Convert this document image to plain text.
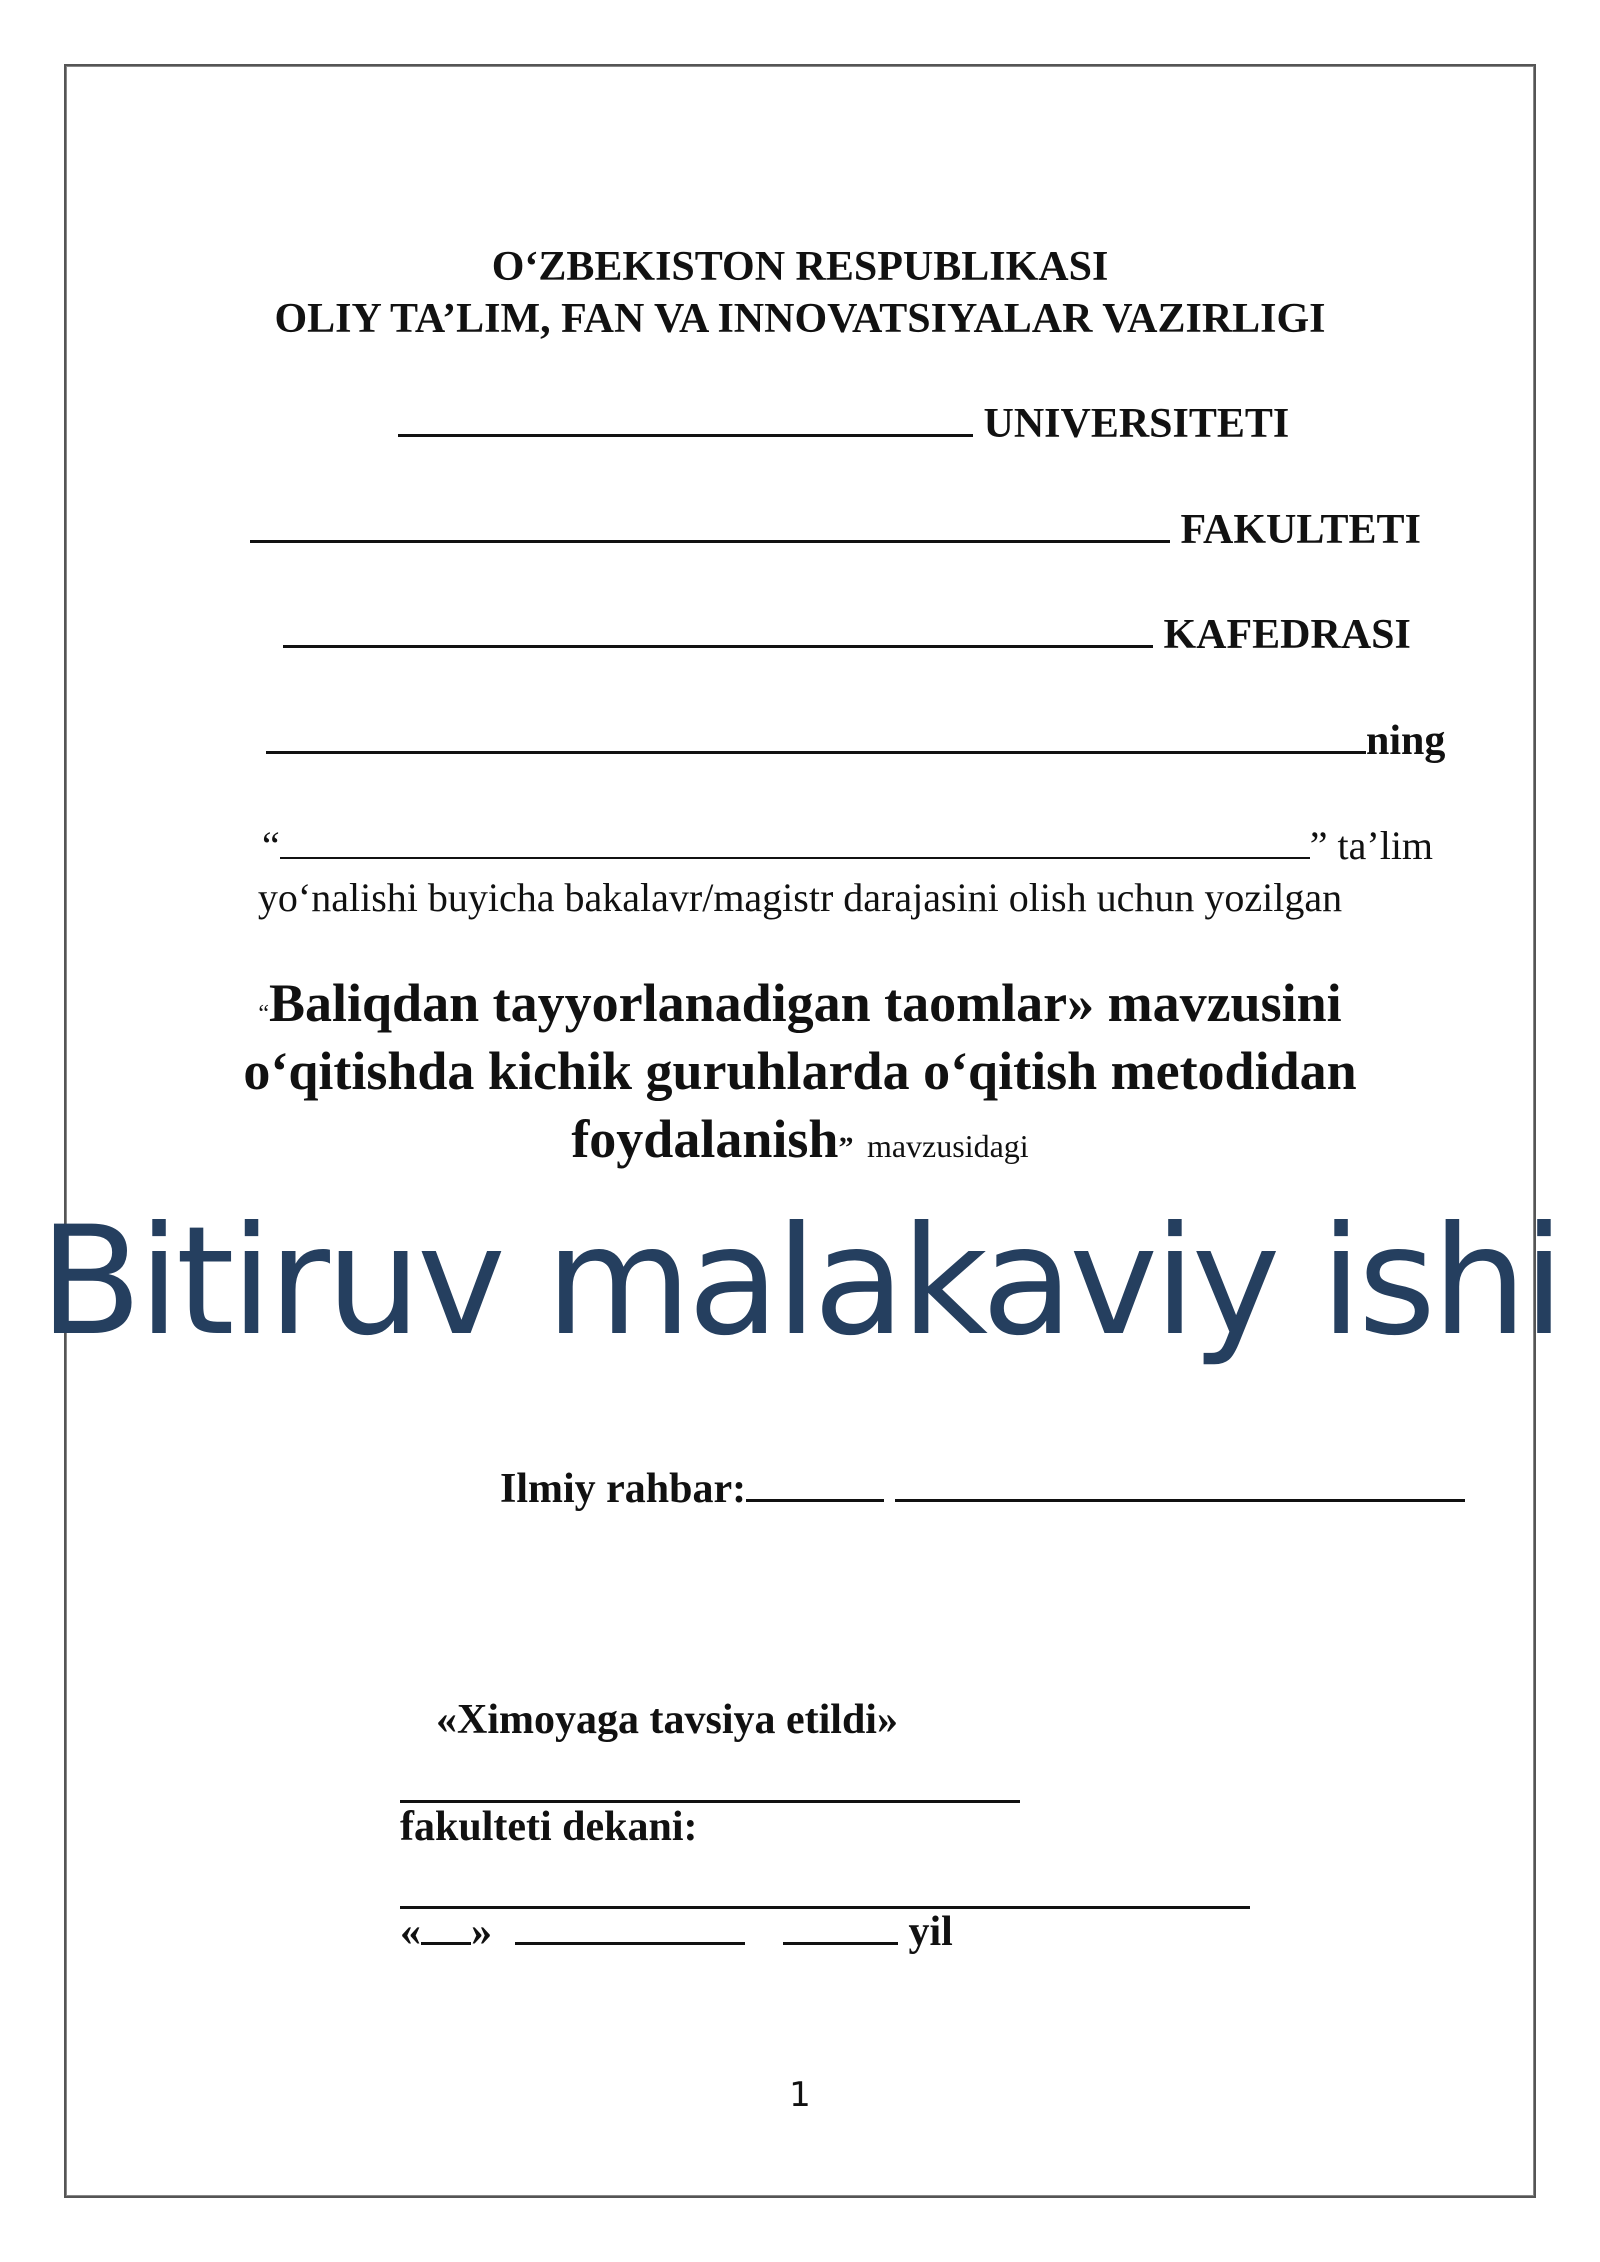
O‘ZBEKISTON RESPUBLIKASI
OLIY TA’LIM, FAN VA INNOVATSIYALAR VAZIRLIGI
UNIVERSITETI
FAKULTETI
KAFEDRASI
ning
“	” ta’lim
yo‘nalishi buyicha bakalavr/magistr darajasini olish uchun yozilgan
“Baliqdan tayyorlanadigan taomlar» mavzusini
o‘qitishda kichik guruhlarda o‘qitish metodidan
foydalanish” mavzusidagi
Bitiruv malakaviy ishi
Ilmiy rahbar:
«Ximoyaga tavsiya etildi»
fakulteti dekani:
« »	yil
1
